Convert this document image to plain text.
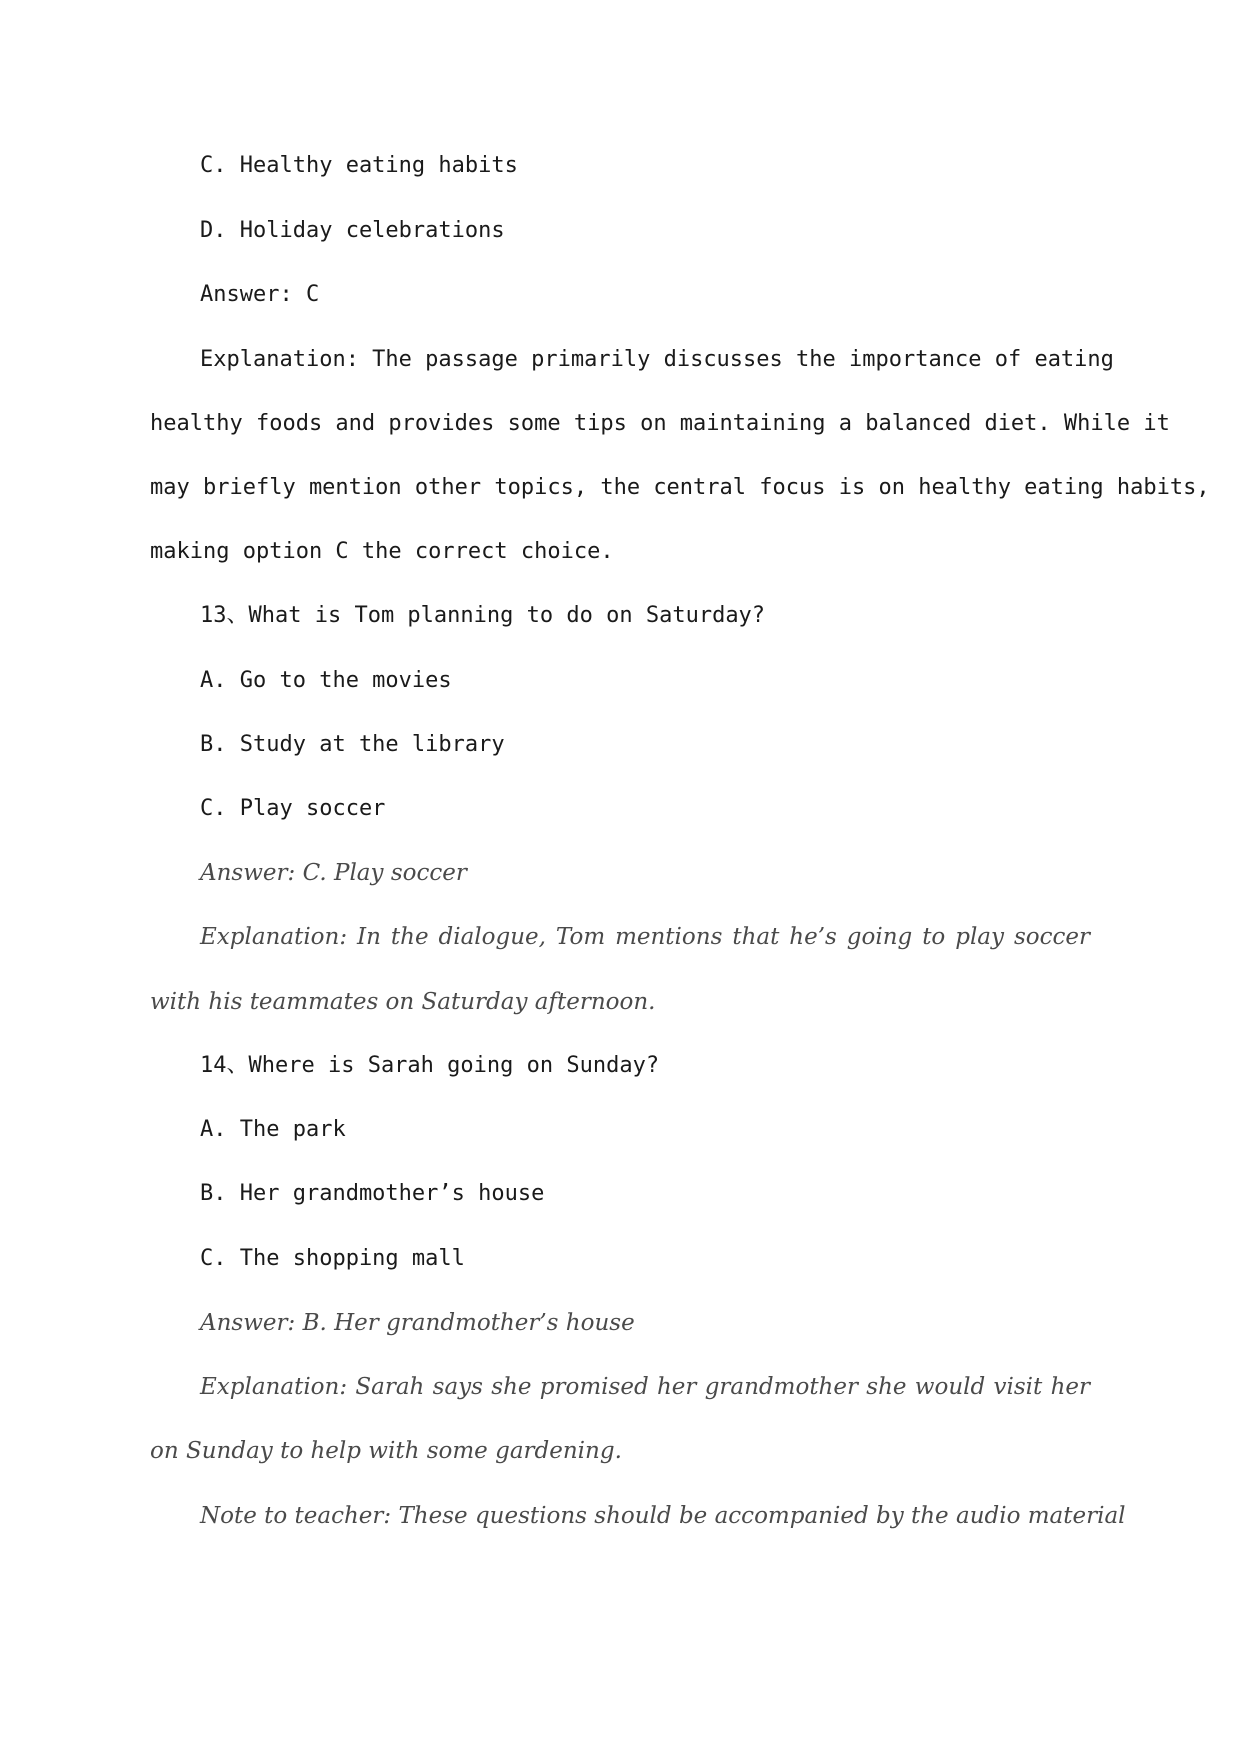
C. Healthy eating habits
D. Holiday celebrations
Answer: C
Explanation: The passage primarily discusses the importance of eating
healthy foods and provides some tips on maintaining a balanced diet. While it
may briefly mention other topics, the central focus is on healthy eating habits,
making option C the correct choice.
13、What is Tom planning to do on Saturday?
A. Go to the movies
B. Study at the library
C. Play soccer
Answer: C. Play soccer
Explanation: In the dialogue, Tom mentions that he’s going to play soccer
with his teammates on Saturday afternoon.
14、Where is Sarah going on Sunday?
A. The park
B. Her grandmother’s house
C. The shopping mall
Answer: B. Her grandmother’s house
Explanation: Sarah says she promised her grandmother she would visit her
on Sunday to help with some gardening.
Note to teacher: These questions should be accompanied by the audio material
